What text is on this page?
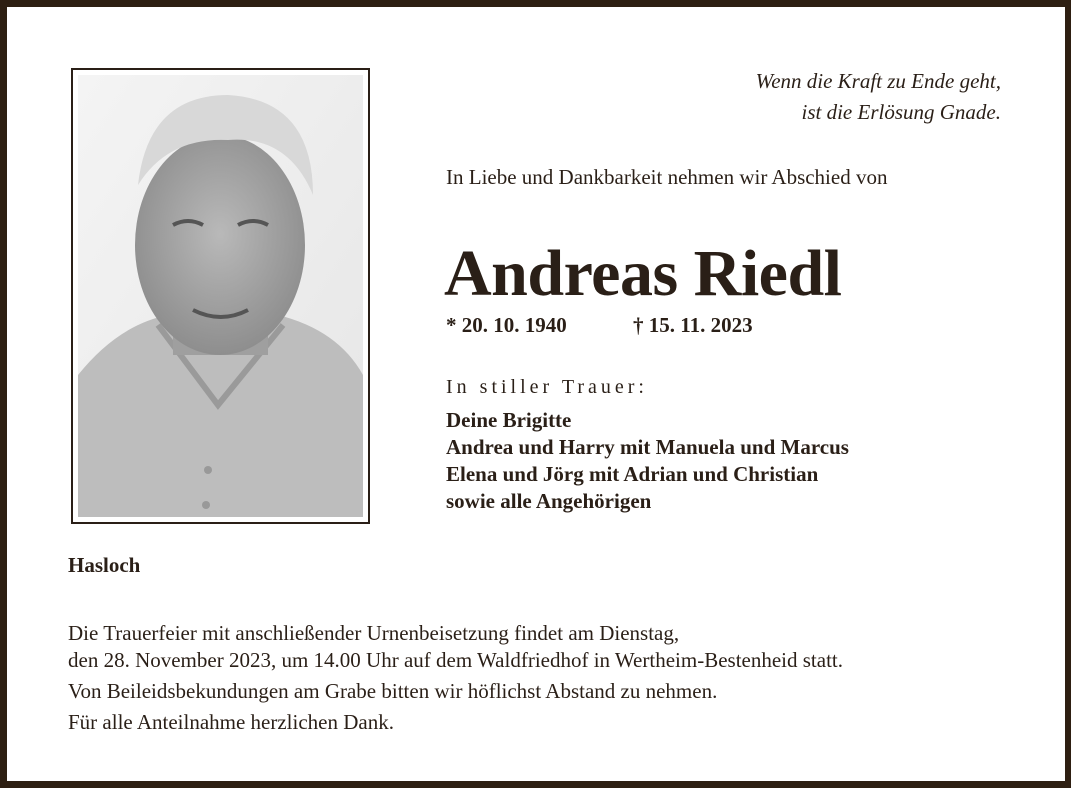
Wenn die Kraft zu Ende geht,
ist die Erlösung Gnade.
In Liebe und Dankbarkeit nehmen wir Abschied von
Andreas Riedl
* 20. 10. 1940	† 15. 11. 2023
In stiller Trauer:
Deine Brigitte
Andrea und Harry mit Manuela und Marcus
Elena und Jörg mit Adrian und Christian
sowie alle Angehörigen
Hasloch
Die Trauerfeier mit anschließender Urnenbeisetzung findet am Dienstag,
den 28. November 2023, um 14.00 Uhr auf dem Waldfriedhof in Wertheim-Bestenheid statt.
Von Beileidsbekundungen am Grabe bitten wir höflichst Abstand zu nehmen.
Für alle Anteilnahme herzlichen Dank.
